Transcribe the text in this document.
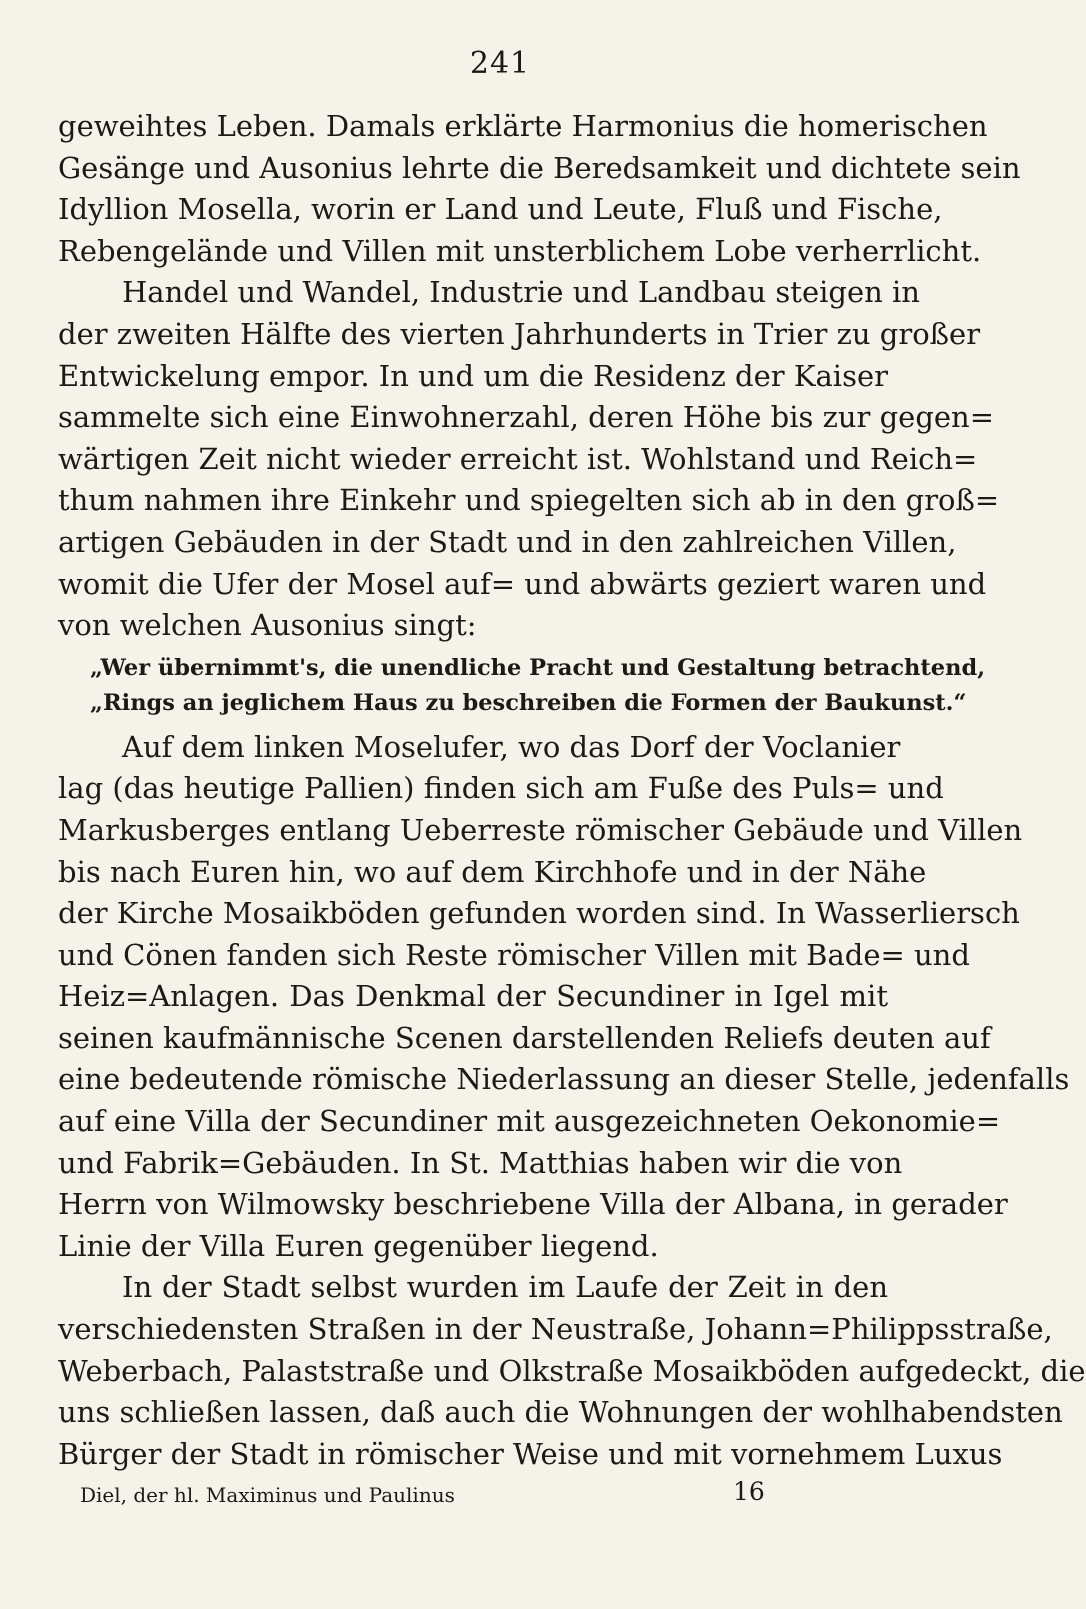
241
geweihtes Leben. Damals erklärte Harmonius die homerischen
Gesänge und Ausonius lehrte die Beredsamkeit und dichtete sein
Idyllion Mosella, worin er Land und Leute, Fluß und Fische,
Rebengelände und Villen mit unsterblichem Lobe verherrlicht.
Handel und Wandel, Industrie und Landbau steigen in
der zweiten Hälfte des vierten Jahrhunderts in Trier zu großer
Entwickelung empor. In und um die Residenz der Kaiser
sammelte sich eine Einwohnerzahl, deren Höhe bis zur gegen=
wärtigen Zeit nicht wieder erreicht ist. Wohlstand und Reich=
thum nahmen ihre Einkehr und spiegelten sich ab in den groß=
artigen Gebäuden in der Stadt und in den zahlreichen Villen,
womit die Ufer der Mosel auf= und abwärts geziert waren und
von welchen Ausonius singt:
„Wer übernimmt's, die unendliche Pracht und Gestaltung betrachtend,
„Rings an jeglichem Haus zu beschreiben die Formen der Baukunst.“
Auf dem linken Moselufer, wo das Dorf der Voclanier
lag (das heutige Pallien) finden sich am Fuße des Puls= und
Markusberges entlang Ueberreste römischer Gebäude und Villen
bis nach Euren hin, wo auf dem Kirchhofe und in der Nähe
der Kirche Mosaikböden gefunden worden sind. In Wasserliersch
und Cönen fanden sich Reste römischer Villen mit Bade= und
Heiz=Anlagen. Das Denkmal der Secundiner in Igel mit
seinen kaufmännische Scenen darstellenden Reliefs deuten auf
eine bedeutende römische Niederlassung an dieser Stelle, jedenfalls
auf eine Villa der Secundiner mit ausgezeichneten Oekonomie=
und Fabrik=Gebäuden. In St. Matthias haben wir die von
Herrn von Wilmowsky beschriebene Villa der Albana, in gerader
Linie der Villa Euren gegenüber liegend.
In der Stadt selbst wurden im Laufe der Zeit in den
verschiedensten Straßen in der Neustraße, Johann=Philippsstraße,
Weberbach, Palaststraße und Olkstraße Mosaikböden aufgedeckt, die
uns schließen lassen, daß auch die Wohnungen der wohlhabendsten
Bürger der Stadt in römischer Weise und mit vornehmem Luxus
Diel, der hl. Maximinus und Paulinus	16
